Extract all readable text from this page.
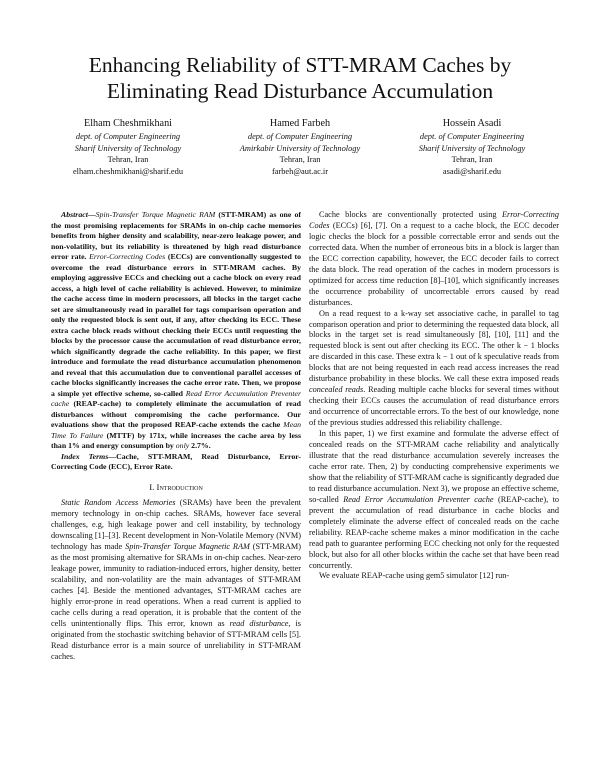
Enhancing Reliability of STT-MRAM Caches by Eliminating Read Disturbance Accumulation
Elham Cheshmikhani
dept. of Computer Engineering
Sharif University of Technology
Tehran, Iran
elham.cheshmikhani@sharif.edu
Hamed Farbeh
dept. of Computer Engineering
Amirkabir University of Technology
Tehran, Iran
farbeh@aut.ac.ir
Hossein Asadi
dept. of Computer Engineering
Sharif University of Technology
Tehran, Iran
asadi@sharif.edu

Abstract—Spin-Transfer Torque Magnetic RAM (STT-MRAM) as one of the most promising replacements for SRAMs in on-chip cache memories benefits from higher density and scalability, near-zero leakage power, and non-volatility, but its reliability is threatened by high read disturbance error rate. Error-Correcting Codes (ECCs) are conventionally suggested to overcome the read disturbance errors in STT-MRAM caches. By employing aggressive ECCs and checking out a cache block on every read access, a high level of cache reliability is achieved. However, to minimize the cache access time in modern processors, all blocks in the target cache set are simultaneously read in parallel for tags comparison operation and only the requested block is sent out, if any, after checking its ECC. These extra cache block reads without checking their ECCs until requesting the blocks by the processor cause the accumulation of read disturbance error, which significantly degrade the cache reliability. In this paper, we first introduce and formulate the read disturbance accumulation phenomenon and reveal that this accumulation due to conventional parallel accesses of cache blocks significantly increases the cache error rate. Then, we propose a simple yet effective scheme, so-called Read Error Accumulation Preventer cache (REAP-cache) to completely eliminate the accumulation of read disturbances without compromising the cache performance. Our evaluations show that the proposed REAP-cache extends the cache Mean Time To Failure (MTTF) by 171x, while increases the cache area by less than 1% and energy consumption by only 2.7%.

Index Terms—Cache, STT-MRAM, Read Disturbance, Error-Correcting Code (ECC), Error Rate.

I. Introduction

Static Random Access Memories (SRAMs) have been the prevalent memory technology in on-chip caches. SRAMs, however face several challenges, e.g, high leakage power and cell instability, by technology downscaling [1]–[3]. Recent development in Non-Volatile Memory (NVM) technology has made Spin-Transfer Torque Magnetic RAM (STT-MRAM) as the most promising alternative for SRAMs in on-chip caches. Near-zero leakage power, immunity to radiation-induced errors, higher density, better scalability, and non-volatility are the main advantages of STT-MRAM caches [4]. Beside the mentioned advantages, STT-MRAM caches are highly error-prone in read operations. When a read current is applied to cache cells during a read operation, it is probable that the content of the cells unintentionally flips. This error, known as read disturbance, is originated from the stochastic switching behavior of STT-MRAM cells [5]. Read disturbance error is a main source of unreliability in STT-MRAM caches.

Cache blocks are conventionally protected using Error-Correcting Codes (ECCs) [6], [7]. On a request to a cache block, the ECC decoder logic checks the block for a possible correctable error and sends out the corrected data. When the number of erroneous bits in a block is larger than the ECC correction capability, however, the ECC decoder fails to correct the data block. The read operation of the caches in modern processors is optimized for access time reduction [8]–[10], which significantly increases the occurrence probability of uncorrectable errors caused by read disturbances.

On a read request to a k-way set associative cache, in parallel to tag comparison operation and prior to determining the requested data block, all blocks in the target set is read simultaneously [8], [10], [11] and the requested block is sent out after checking its ECC. The other k − 1 blocks are discarded in this case. These extra k − 1 out of k speculative reads from blocks that are not being requested in each read access increases the read disturbance probability in these blocks. We call these extra imposed reads concealed reads. Reading multiple cache blocks for several times without checking their ECCs causes the accumulation of read disturbance errors and occurrence of uncorrectable errors. To the best of our knowledge, none of the previous studies addressed this reliability challenge.

In this paper, 1) we first examine and formulate the adverse effect of concealed reads on the STT-MRAM cache reliability and analytically illustrate that the read disturbance accumulation severely increases the cache error rate. Then, 2) by conducting comprehensive experiments we show that the reliability of STT-MRAM cache is significantly degraded due to read disturbance accumulation. Next 3), we propose an effective scheme, so-called Read Error Accumulation Preventer cache (REAP-cache), to prevent the accumulation of read disturbance in cache blocks and completely eliminate the adverse effect of concealed reads on the cache reliability. REAP-cache scheme makes a minor modification in the cache read path to guarantee performing ECC checking not only for the requested block, but also for all other blocks within the cache set that have been read concurrently.

We evaluate REAP-cache using gem5 simulator [12] run-
